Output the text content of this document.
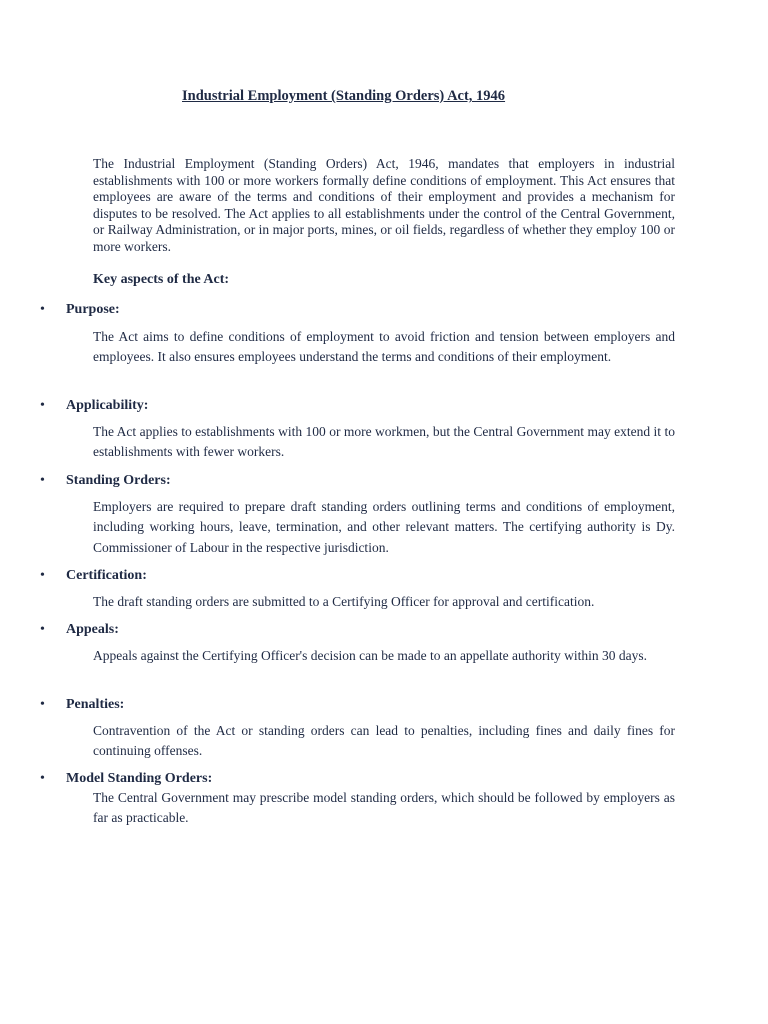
Industrial Employment (Standing Orders) Act, 1946

The Industrial Employment (Standing Orders) Act, 1946, mandates that employers in industrial establishments with 100 or more workers formally define conditions of employment. This Act ensures that employees are aware of the terms and conditions of their employment and provides a mechanism for disputes to be resolved. The Act applies to all establishments under the control of the Central Government, or Railway Administration, or in major ports, mines, or oil fields, regardless of whether they employ 100 or more workers.

Key aspects of the Act:

• Purpose:

The Act aims to define conditions of employment to avoid friction and tension between employers and employees. It also ensures employees understand the terms and conditions of their employment.

• Applicability:

The Act applies to establishments with 100 or more workmen, but the Central Government may extend it to establishments with fewer workers.

• Standing Orders:

Employers are required to prepare draft standing orders outlining terms and conditions of employment, including working hours, leave, termination, and other relevant matters. The certifying authority is Dy. Commissioner of Labour in the respective jurisdiction.

• Certification:

The draft standing orders are submitted to a Certifying Officer for approval and certification.

• Appeals:

Appeals against the Certifying Officer's decision can be made to an appellate authority within 30 days.

• Penalties:

Contravention of the Act or standing orders can lead to penalties, including fines and daily fines for continuing offenses.

• Model Standing Orders:

The Central Government may prescribe model standing orders, which should be followed by employers as far as practicable.
